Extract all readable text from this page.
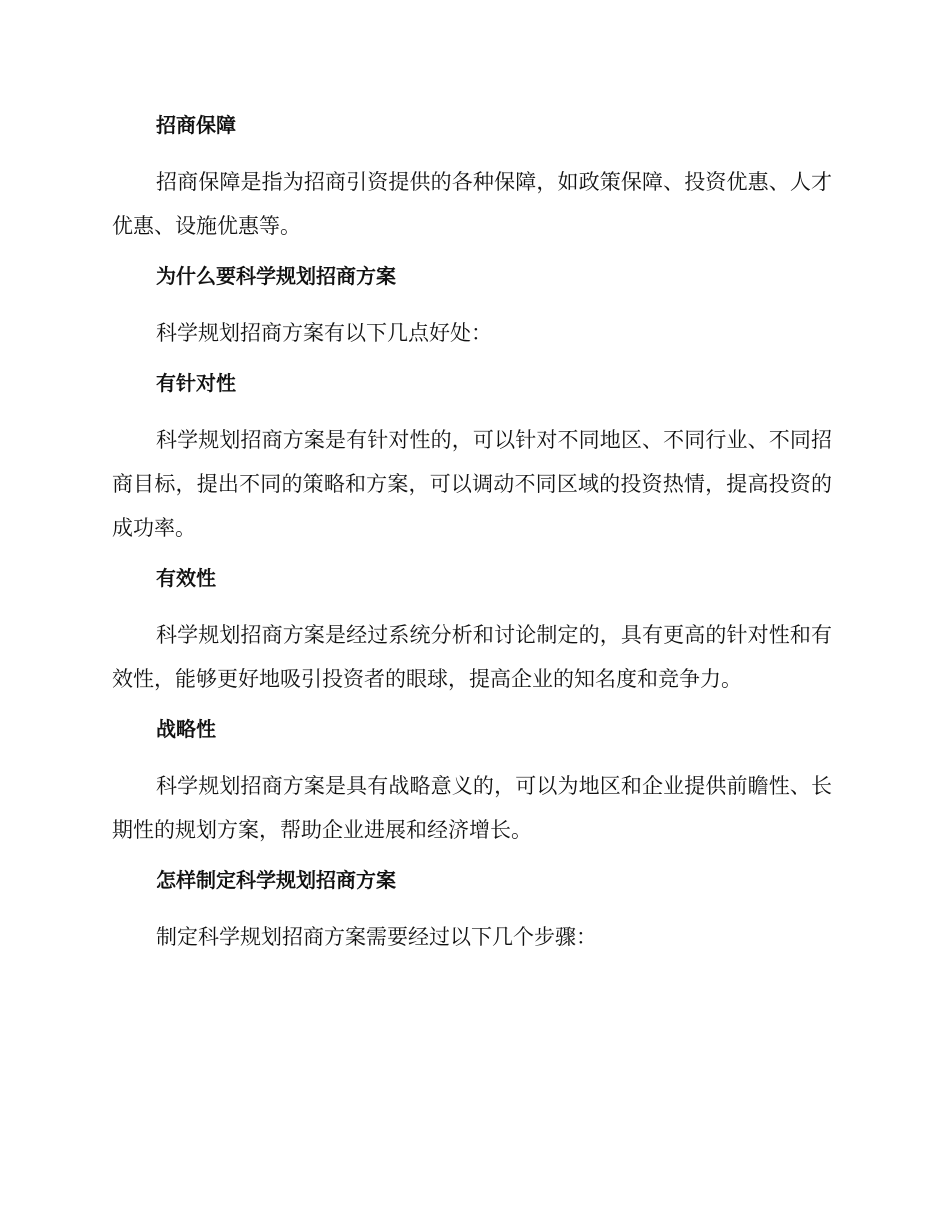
招商保障

招商保障是指为招商引资提供的各种保障，如政策保障、投资优惠、人才优惠、设施优惠等。

为什么要科学规划招商方案

科学规划招商方案有以下几点好处：

有针对性

科学规划招商方案是有针对性的，可以针对不同地区、不同行业、不同招商目标，提出不同的策略和方案，可以调动不同区域的投资热情，提高投资的成功率。

有效性

科学规划招商方案是经过系统分析和讨论制定的，具有更高的针对性和有效性，能够更好地吸引投资者的眼球，提高企业的知名度和竞争力。

战略性

科学规划招商方案是具有战略意义的，可以为地区和企业提供前瞻性、长期性的规划方案，帮助企业进展和经济增长。

怎样制定科学规划招商方案

制定科学规划招商方案需要经过以下几个步骤：
